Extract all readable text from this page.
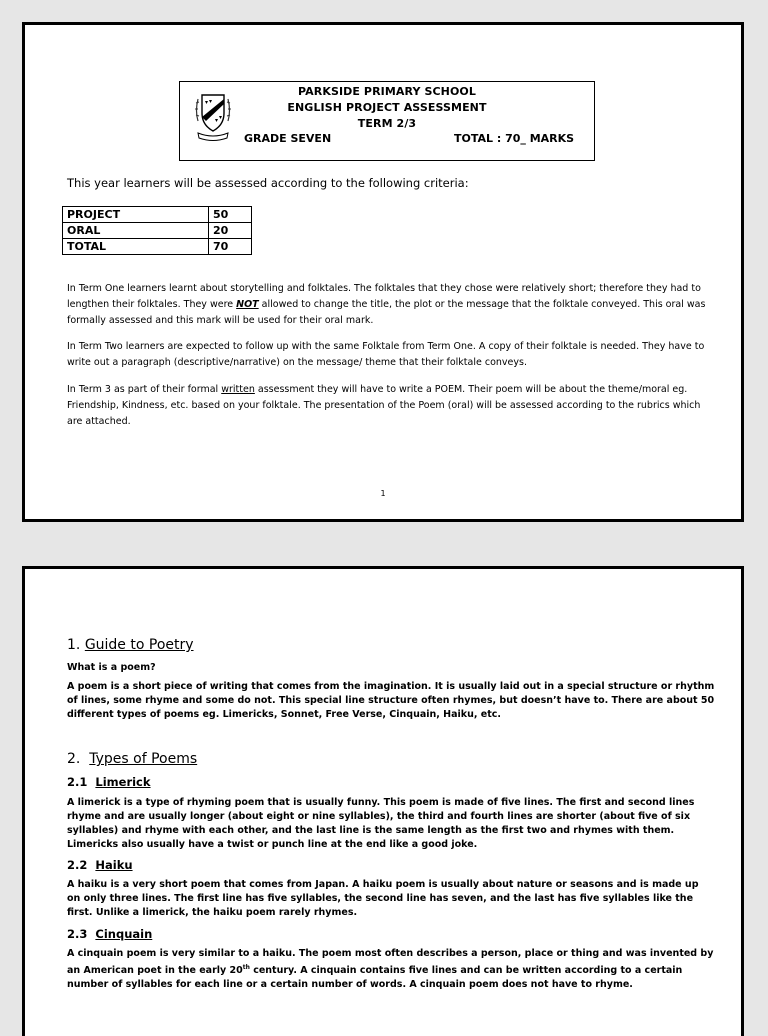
PARKSIDE PRIMARY SCHOOL
ENGLISH PROJECT ASSESSMENT
TERM 2/3
GRADE SEVEN	TOTAL : 70_ MARKS
This year learners will be assessed according to the following criteria:
PROJECT	50
ORAL	20
TOTAL	70
In Term One learners learnt about storytelling and folktales. The folktales that they chose were relatively short; therefore they had to lengthen their folktales. They were NOT allowed to change the title, the plot or the message that the folktale conveyed. This oral was formally assessed and this mark will be used for their oral mark.
In Term Two learners are expected to follow up with the same Folktale from Term One. A copy of their folktale is needed. They have to write out a paragraph (descriptive/narrative) on the message/ theme that their folktale conveys.
In Term 3 as part of their formal written assessment they will have to write a POEM. Their poem will be about the theme/moral eg. Friendship, Kindness, etc. based on your folktale. The presentation of the Poem (oral) will be assessed according to the rubrics which are attached.
1
1. Guide to Poetry
What is a poem?
A poem is a short piece of writing that comes from the imagination. It is usually laid out in a special structure or rhythm of lines, some rhyme and some do not. This special line structure often rhymes, but doesn’t have to. There are about 50 different types of poems eg. Limericks, Sonnet, Free Verse, Cinquain, Haiku, etc.
2. Types of Poems
2.1 Limerick
A limerick is a type of rhyming poem that is usually funny. This poem is made of five lines. The first and second lines rhyme and are usually longer (about eight or nine syllables), the third and fourth lines are shorter (about five of six syllables) and rhyme with each other, and the last line is the same length as the first two and rhymes with them. Limericks also usually have a twist or punch line at the end like a good joke.
2.2 Haiku
A haiku is a very short poem that comes from Japan. A haiku poem is usually about nature or seasons and is made up on only three lines. The first line has five syllables, the second line has seven, and the last has five syllables like the first. Unlike a limerick, the haiku poem rarely rhymes.
2.3 Cinquain
A cinquain poem is very similar to a haiku. The poem most often describes a person, place or thing and was invented by an American poet in the early 20th century. A cinquain contains five lines and can be written according to a certain number of syllables for each line or a certain number of words. A cinquain poem does not have to rhyme.
